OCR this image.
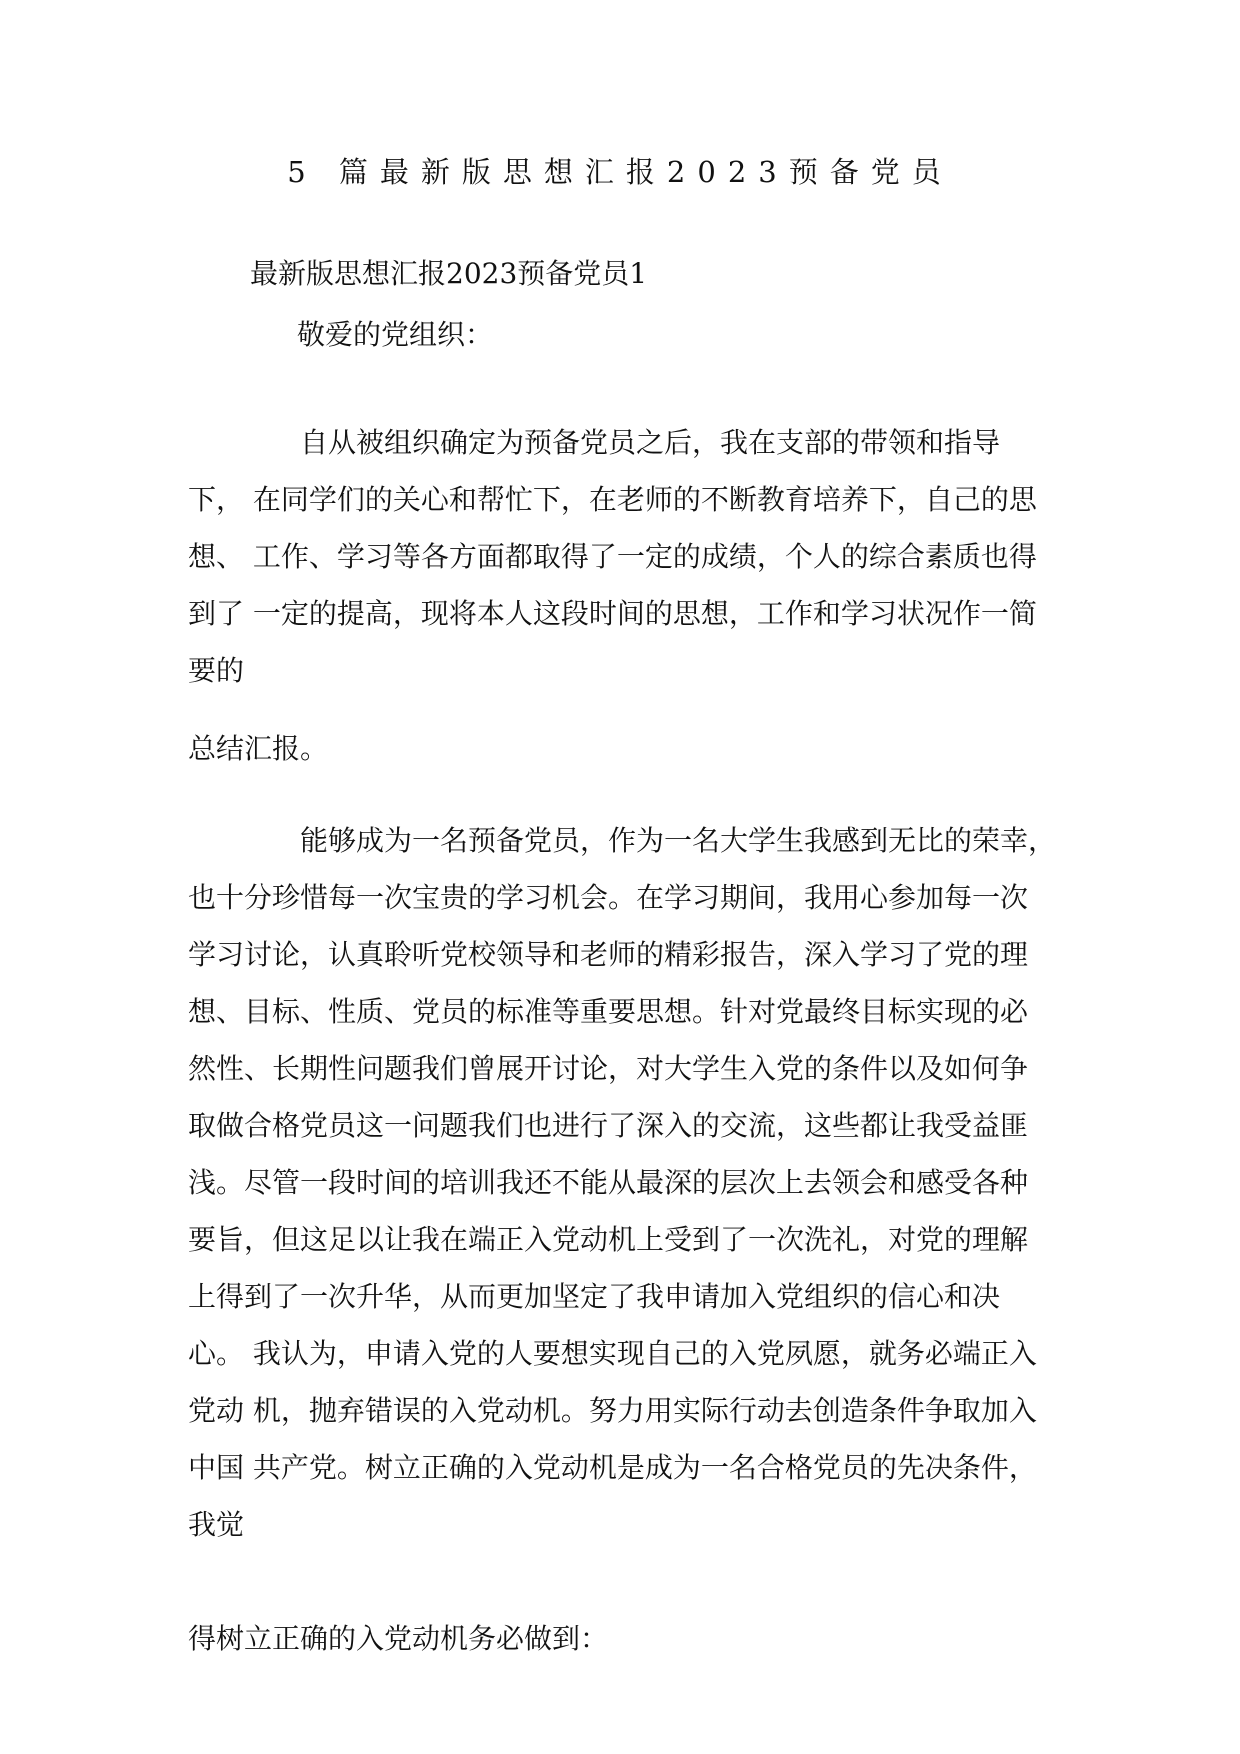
5 篇最新版思想汇报2023预备党员
最新版思想汇报2023预备党员1

敬爱的党组织：

自从被组织确定为预备党员之后，我在支部的带领和指导
下， 在同学们的关心和帮忙下，在老师的不断教育培养下，自己的思
想、 工作、学习等各方面都取得了一定的成绩，个人的综合素质也得
到了 一定的提高，现将本人这段时间的思想，工作和学习状况作一简
要的
总结汇报。
能够成为一名预备党员，作为一名大学生我感到无比的荣幸，
也十分珍惜每一次宝贵的学习机会。在学习期间，我用心参加每一次
学习讨论，认真聆听党校领导和老师的精彩报告，深入学习了党的理
想、目标、性质、党员的标准等重要思想。针对党最终目标实现的必
然性、长期性问题我们曾展开讨论，对大学生入党的条件以及如何争
取做合格党员这一问题我们也进行了深入的交流，这些都让我受益匪
浅。尽管一段时间的培训我还不能从最深的层次上去领会和感受各种
要旨，但这足以让我在端正入党动机上受到了一次洗礼，对党的理解
上得到了一次升华，从而更加坚定了我申请加入党组织的信心和决
心。 我认为，申请入党的人要想实现自己的入党夙愿，就务必端正入
党动 机，抛弃错误的入党动机。努力用实际行动去创造条件争取加入
中国 共产党。树立正确的入党动机是成为一名合格党员的先决条件，
我觉
得树立正确的入党动机务必做到：
